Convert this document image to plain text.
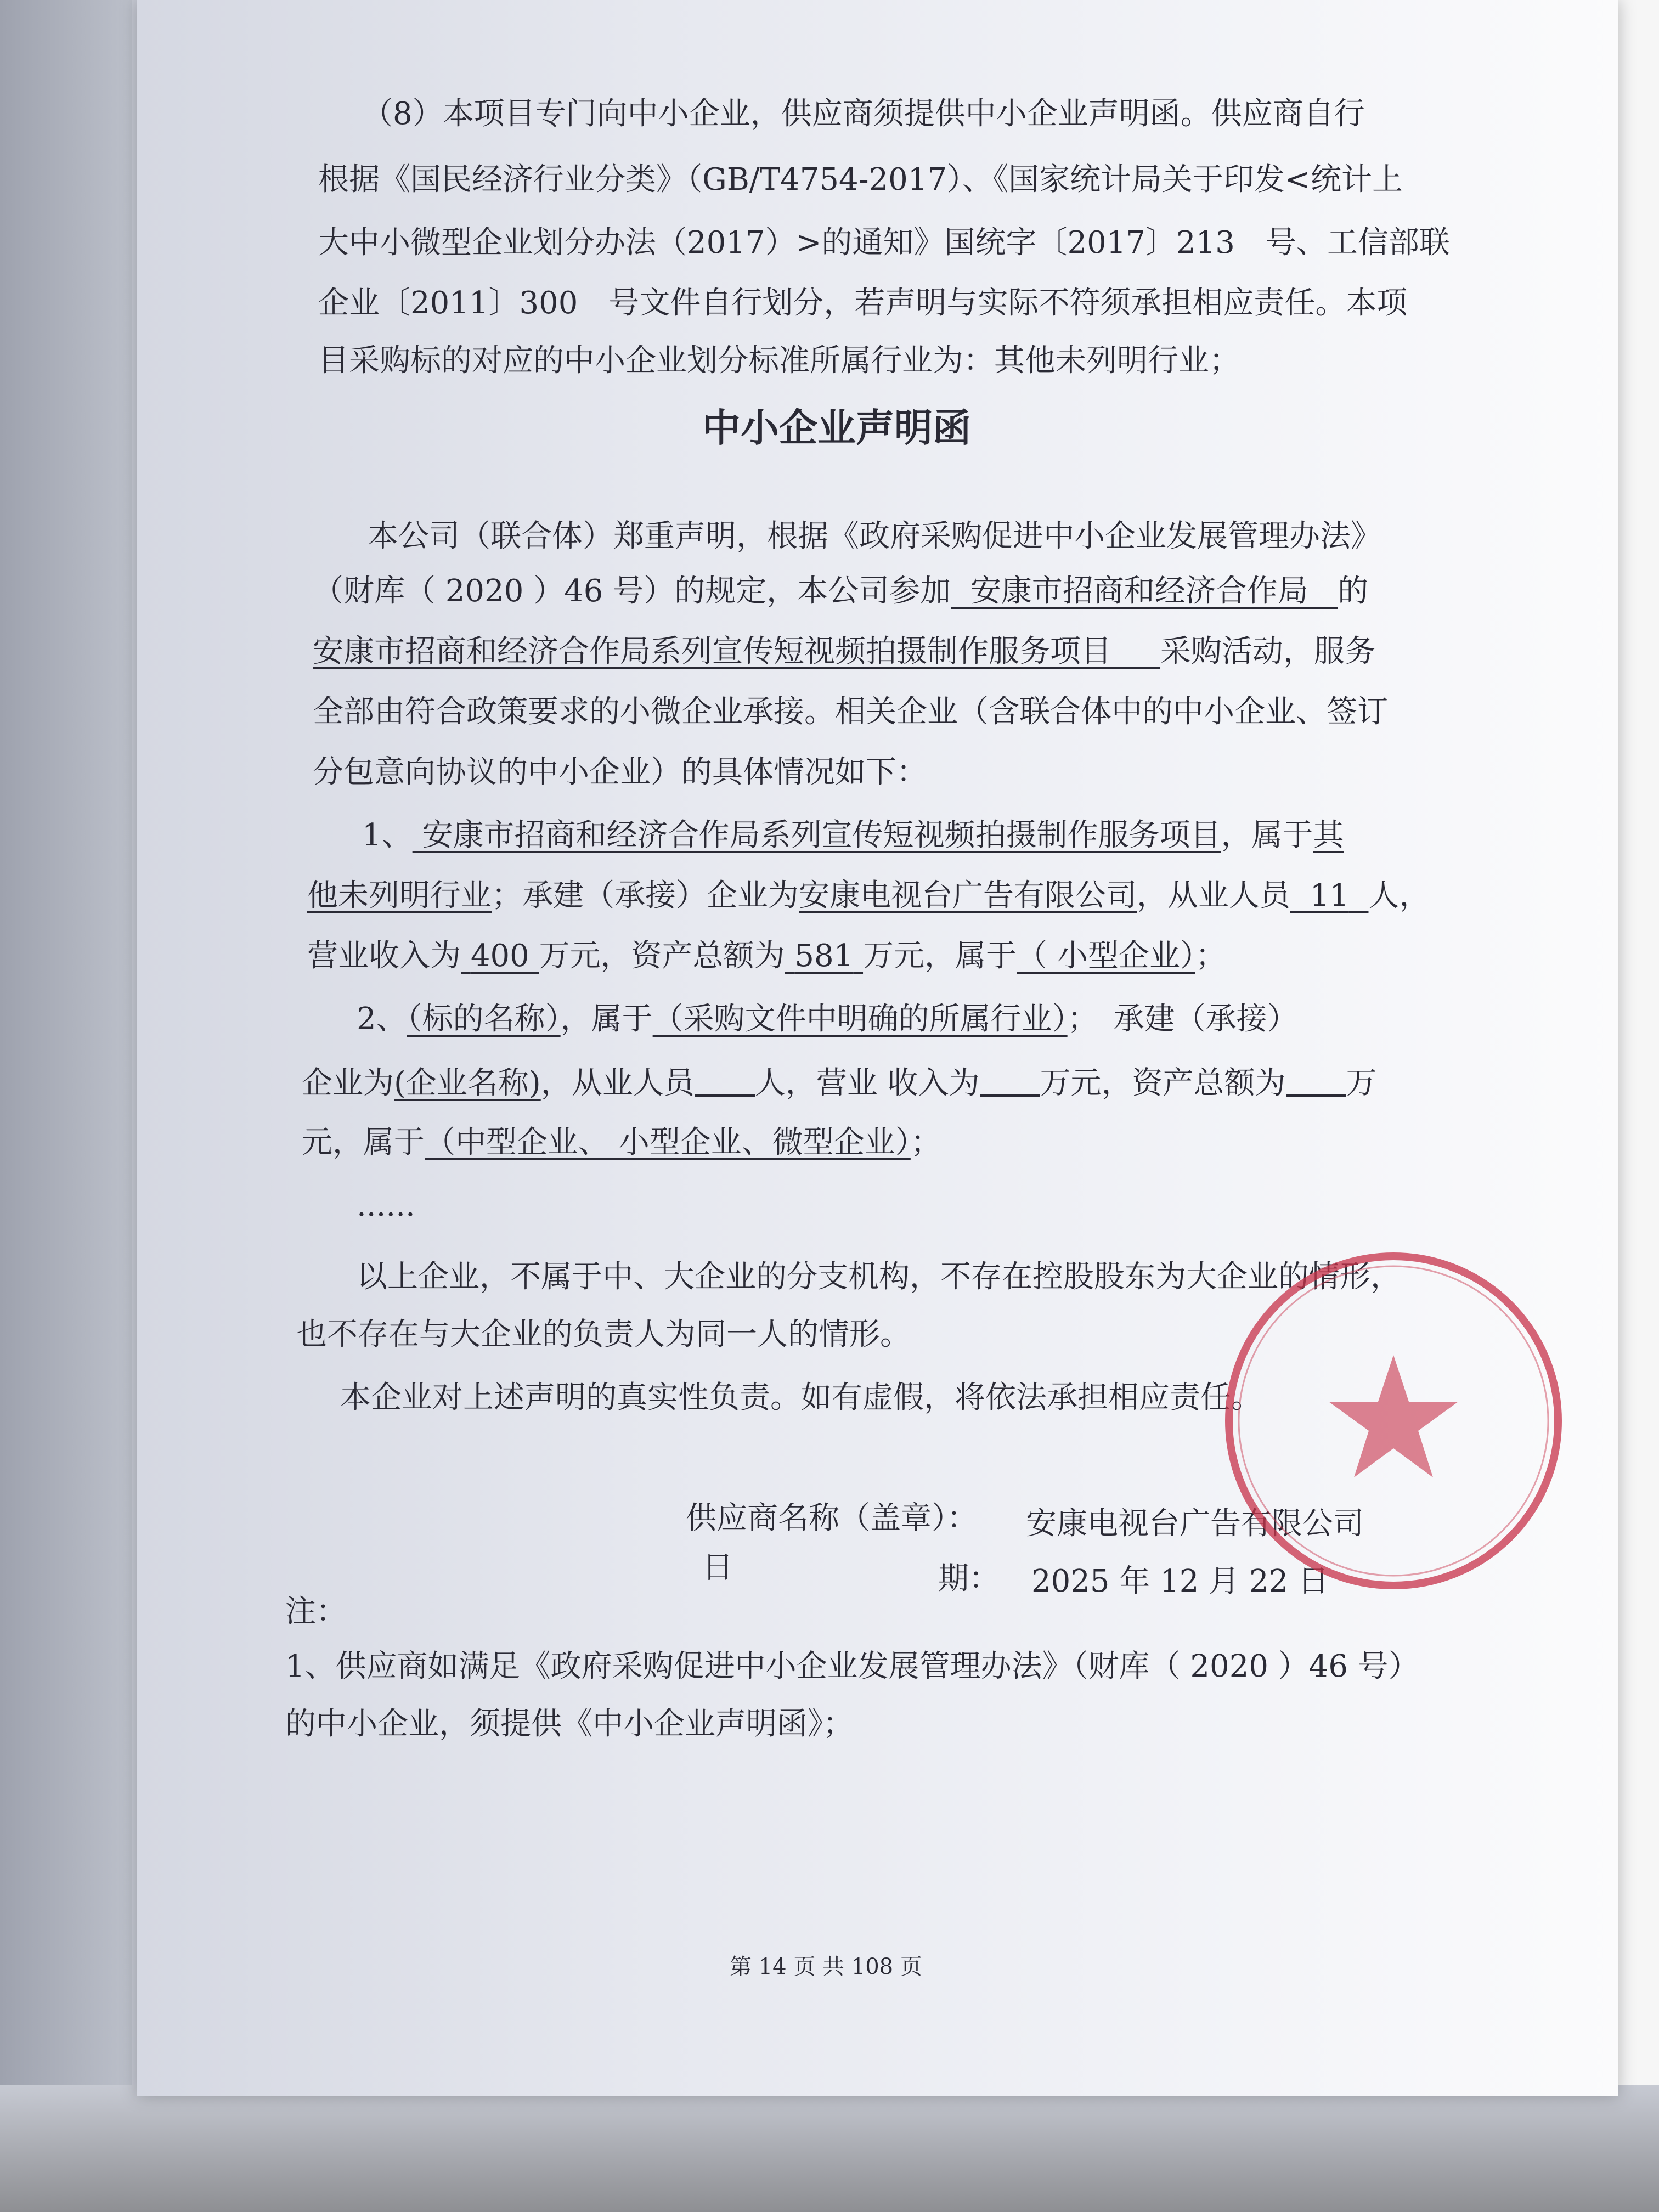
（8）本项目专门向中小企业，供应商须提供中小企业声明函。供应商自行
根据《国民经济行业分类》（GB/T4754-2017）、《国家统计局关于印发<统计上
大中小微型企业划分办法（2017）>的通知》国统字〔2017〕213　号、工信部联
企业〔2011〕300　号文件自行划分，若声明与实际不符须承担相应责任。本项
目采购标的对应的中小企业划分标准所属行业为：其他未列明行业；
中小企业声明函
本公司（联合体）郑重声明，根据《政府采购促进中小企业发展管理办法》
（财库（ 2020 ）46 号）的规定，本公司参加 安康市招商和经济合作局 的
安康市招商和经济合作局系列宣传短视频拍摄制作服务项目 采购活动，服务
全部由符合政策要求的小微企业承接。相关企业（含联合体中的中小企业、签订
分包意向协议的中小企业）的具体情况如下：
1、 安康市招商和经济合作局系列宣传短视频拍摄制作服务项目，属于其
他未列明行业；承建（承接）企业为安康电视台广告有限公司，从业人员 11 人，
营业收入为 400 万元，资产总额为 581 万元，属于（ 小型企业）；
2、（标的名称），属于（采购文件中明确的所属行业）；　承建（承接）
企业为(企业名称)，从业人员 人，营业 收入为 万元，资产总额为 万
元，属于（中型企业、 小型企业、微型企业）；
......
以上企业，不属于中、大企业的分支机构，不存在控股股东为大企业的情形，
也不存在与大企业的负责人为同一人的情形。
本企业对上述声明的真实性负责。如有虚假，将依法承担相应责任。
供应商名称（盖章）： 安康电视台广告有限公司
日	期： 2025 年 12 月 22 日
注：
1、供应商如满足《政府采购促进中小企业发展管理办法》（财库（ 2020 ）46 号）
的中小企业，须提供《中小企业声明函》；
第 14 页 共 108 页
